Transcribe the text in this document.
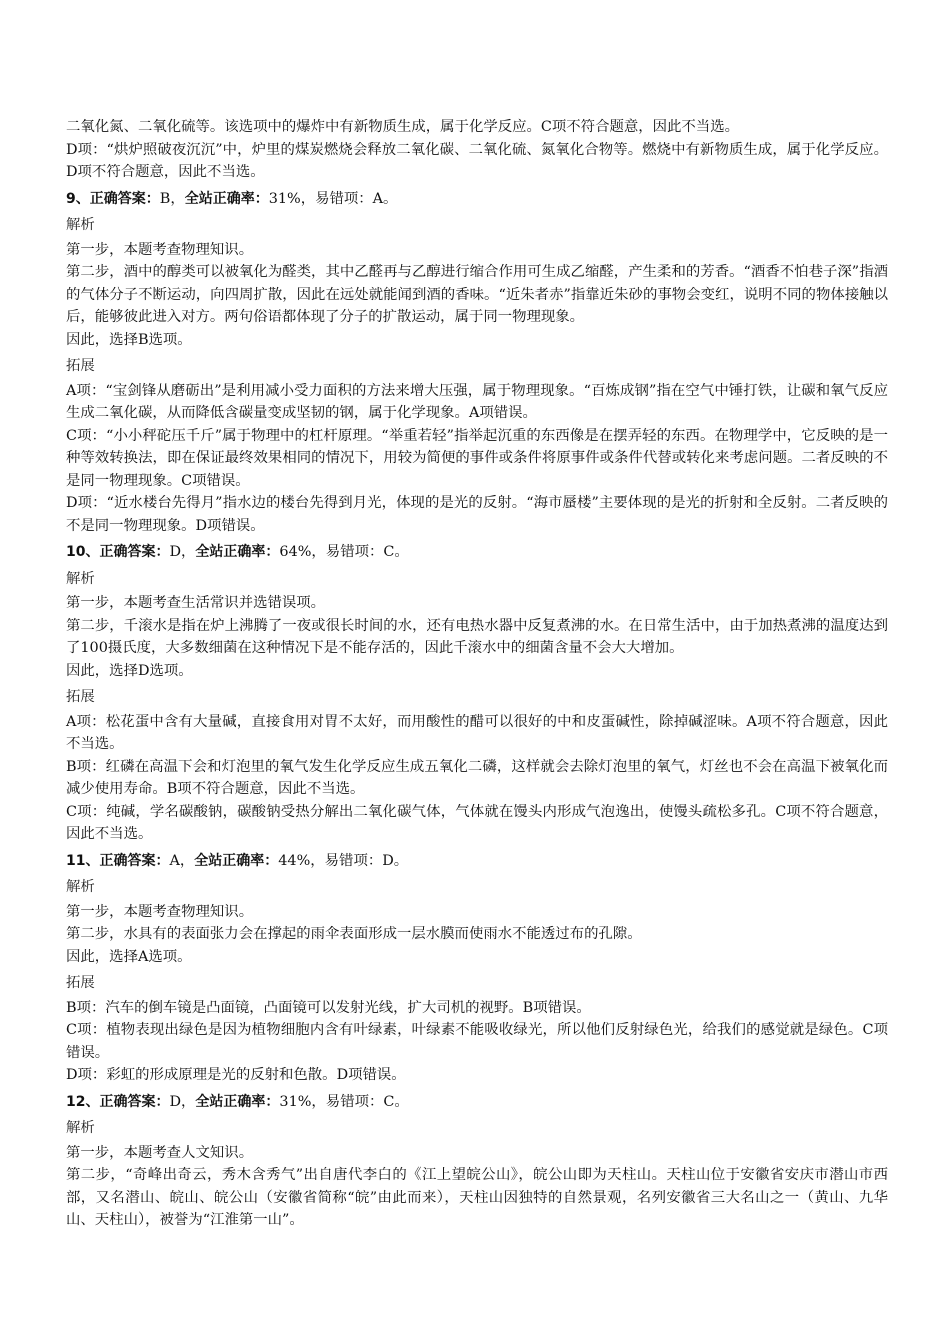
二氧化氮、二氧化硫等。该选项中的爆炸中有新物质生成，属于化学反应。C项不符合题意，因此不当选。

D项：“烘炉照破夜沉沉”中，炉里的煤炭燃烧会释放二氧化碳、二氧化硫、氮氧化合物等。燃烧中有新物质生成，属于化学反应。D项不符合题意，因此不当选。

9、正确答案：B，全站正确率：31%，易错项：A。

解析

第一步，本题考查物理知识。

第二步，酒中的醇类可以被氧化为醛类，其中乙醛再与乙醇进行缩合作用可生成乙缩醛，产生柔和的芳香。“酒香不怕巷子深”指酒的气体分子不断运动，向四周扩散，因此在远处就能闻到酒的香味。“近朱者赤”指靠近朱砂的事物会变红，说明不同的物体接触以后，能够彼此进入对方。两句俗语都体现了分子的扩散运动，属于同一物理现象。

因此，选择B选项。

拓展

A项：“宝剑锋从磨砺出”是利用减小受力面积的方法来增大压强，属于物理现象。“百炼成钢”指在空气中锤打铁，让碳和氧气反应生成二氧化碳，从而降低含碳量变成坚韧的钢，属于化学现象。A项错误。

C项：“小小秤砣压千斤”属于物理中的杠杆原理。“举重若轻”指举起沉重的东西像是在摆弄轻的东西。在物理学中，它反映的是一种等效转换法，即在保证最终效果相同的情况下，用较为简便的事件或条件将原事件或条件代替或转化来考虑问题。二者反映的不是同一物理现象。C项错误。

D项：“近水楼台先得月”指水边的楼台先得到月光，体现的是光的反射。“海市蜃楼”主要体现的是光的折射和全反射。二者反映的不是同一物理现象。D项错误。

10、正确答案：D，全站正确率：64%，易错项：C。

解析

第一步，本题考查生活常识并选错误项。

第二步，千滚水是指在炉上沸腾了一夜或很长时间的水，还有电热水器中反复煮沸的水。在日常生活中，由于加热煮沸的温度达到了100摄氏度，大多数细菌在这种情况下是不能存活的，因此千滚水中的细菌含量不会大大增加。

因此，选择D选项。

拓展

A项：松花蛋中含有大量碱，直接食用对胃不太好，而用酸性的醋可以很好的中和皮蛋碱性，除掉碱涩味。A项不符合题意，因此不当选。

B项：红磷在高温下会和灯泡里的氧气发生化学反应生成五氧化二磷，这样就会去除灯泡里的氧气，灯丝也不会在高温下被氧化而减少使用寿命。B项不符合题意，因此不当选。

C项：纯碱，学名碳酸钠，碳酸钠受热分解出二氧化碳气体，气体就在馒头内形成气泡逸出，使馒头疏松多孔。C项不符合题意，因此不当选。

11、正确答案：A，全站正确率：44%，易错项：D。

解析

第一步，本题考查物理知识。

第二步，水具有的表面张力会在撑起的雨伞表面形成一层水膜而使雨水不能透过布的孔隙。

因此，选择A选项。

拓展

B项：汽车的倒车镜是凸面镜，凸面镜可以发射光线，扩大司机的视野。B项错误。

C项：植物表现出绿色是因为植物细胞内含有叶绿素，叶绿素不能吸收绿光，所以他们反射绿色光，给我们的感觉就是绿色。C项错误。

D项：彩虹的形成原理是光的反射和色散。D项错误。

12、正确答案：D，全站正确率：31%，易错项：C。

解析

第一步，本题考查人文知识。

第二步，“奇峰出奇云，秀木含秀气”出自唐代李白的《江上望皖公山》，皖公山即为天柱山。天柱山位于安徽省安庆市潜山市西部，又名潜山、皖山、皖公山（安徽省简称“皖”由此而来），天柱山因独特的自然景观，名列安徽省三大名山之一（黄山、九华山、天柱山），被誉为“江淮第一山”。
